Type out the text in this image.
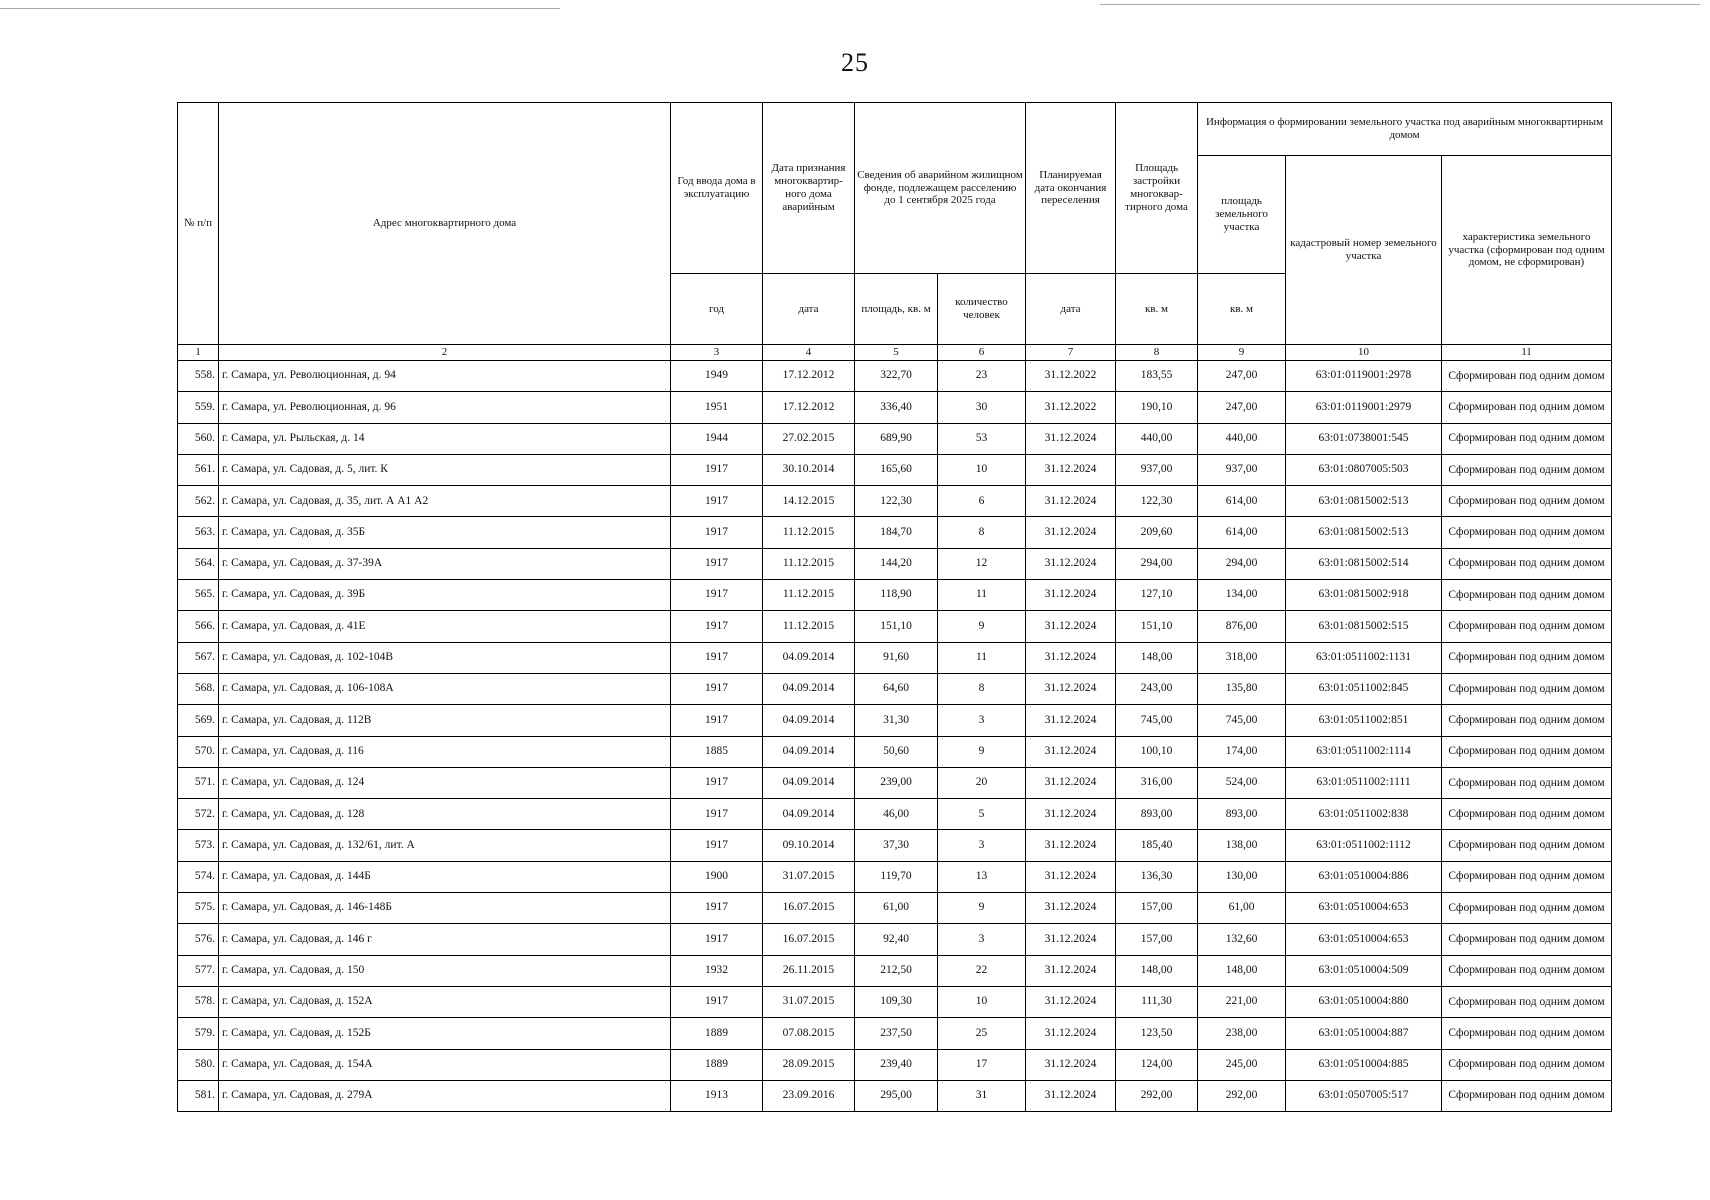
25
№ п/п	Адрес многоквартирного дома	Год ввода дома в эксплуатацию	Дата признания многоквартир-ного дома аварийным	Сведения об аварийном жилищном фонде, подлежащем расселению до 1 сентября 2025 года		Планируемая дата окончания переселения	Площадь застройки многоквар-тирного дома	Информация о формировании земельного участка под аварийным многоквартирным домом		
								площадь земельного участка	кадастровый номер земельного участка	характеристика земельного участка (сформирован под одним домом, не сформирован)
		год	дата	площадь, кв. м	количество человек	дата	кв. м	кв. м		
1	2	3	4	5	6	7	8	9	10	11
558.	г. Самара, ул. Революционная, д. 94	1949	17.12.2012	322,70	23	31.12.2022	183,55	247,00	63:01:0119001:2978	Сформирован под одним домом
559.	г. Самара, ул. Революционная, д. 96	1951	17.12.2012	336,40	30	31.12.2022	190,10	247,00	63:01:0119001:2979	Сформирован под одним домом
560.	г. Самара, ул. Рыльская, д. 14	1944	27.02.2015	689,90	53	31.12.2024	440,00	440,00	63:01:0738001:545	Сформирован под одним домом
561.	г. Самара, ул. Садовая, д. 5, лит. К	1917	30.10.2014	165,60	10	31.12.2024	937,00	937,00	63:01:0807005:503	Сформирован под одним домом
562.	г. Самара, ул. Садовая, д. 35, лит. А А1 А2	1917	14.12.2015	122,30	6	31.12.2024	122,30	614,00	63:01:0815002:513	Сформирован под одним домом
563.	г. Самара, ул. Садовая, д. 35Б	1917	11.12.2015	184,70	8	31.12.2024	209,60	614,00	63:01:0815002:513	Сформирован под одним домом
564.	г. Самара, ул. Садовая, д. 37-39А	1917	11.12.2015	144,20	12	31.12.2024	294,00	294,00	63:01:0815002:514	Сформирован под одним домом
565.	г. Самара, ул. Садовая, д. 39Б	1917	11.12.2015	118,90	11	31.12.2024	127,10	134,00	63:01:0815002:918	Сформирован под одним домом
566.	г. Самара, ул. Садовая, д. 41Е	1917	11.12.2015	151,10	9	31.12.2024	151,10	876,00	63:01:0815002:515	Сформирован под одним домом
567.	г. Самара, ул. Садовая, д. 102-104В	1917	04.09.2014	91,60	11	31.12.2024	148,00	318,00	63:01:0511002:1131	Сформирован под одним домом
568.	г. Самара, ул. Садовая, д. 106-108А	1917	04.09.2014	64,60	8	31.12.2024	243,00	135,80	63:01:0511002:845	Сформирован под одним домом
569.	г. Самара, ул. Садовая, д. 112В	1917	04.09.2014	31,30	3	31.12.2024	745,00	745,00	63:01:0511002:851	Сформирован под одним домом
570.	г. Самара, ул. Садовая, д. 116	1885	04.09.2014	50,60	9	31.12.2024	100,10	174,00	63:01:0511002:1114	Сформирован под одним домом
571.	г. Самара, ул. Садовая, д. 124	1917	04.09.2014	239,00	20	31.12.2024	316,00	524,00	63:01:0511002:1111	Сформирован под одним домом
572.	г. Самара, ул. Садовая, д. 128	1917	04.09.2014	46,00	5	31.12.2024	893,00	893,00	63:01:0511002:838	Сформирован под одним домом
573.	г. Самара, ул. Садовая, д. 132/61, лит. А	1917	09.10.2014	37,30	3	31.12.2024	185,40	138,00	63:01:0511002:1112	Сформирован под одним домом
574.	г. Самара, ул. Садовая, д. 144Б	1900	31.07.2015	119,70	13	31.12.2024	136,30	130,00	63:01:0510004:886	Сформирован под одним домом
575.	г. Самара, ул. Садовая, д. 146-148Б	1917	16.07.2015	61,00	9	31.12.2024	157,00	61,00	63:01:0510004:653	Сформирован под одним домом
576.	г. Самара, ул. Садовая, д. 146 г	1917	16.07.2015	92,40	3	31.12.2024	157,00	132,60	63:01:0510004:653	Сформирован под одним домом
577.	г. Самара, ул. Садовая, д. 150	1932	26.11.2015	212,50	22	31.12.2024	148,00	148,00	63:01:0510004:509	Сформирован под одним домом
578.	г. Самара, ул. Садовая, д. 152А	1917	31.07.2015	109,30	10	31.12.2024	111,30	221,00	63:01:0510004:880	Сформирован под одним домом
579.	г. Самара, ул. Садовая, д. 152Б	1889	07.08.2015	237,50	25	31.12.2024	123,50	238,00	63:01:0510004:887	Сформирован под одним домом
580.	г. Самара, ул. Садовая, д. 154А	1889	28.09.2015	239,40	17	31.12.2024	124,00	245,00	63:01:0510004:885	Сформирован под одним домом
581.	г. Самара, ул. Садовая, д. 279А	1913	23.09.2016	295,00	31	31.12.2024	292,00	292,00	63:01:0507005:517	Сформирован под одним домом
